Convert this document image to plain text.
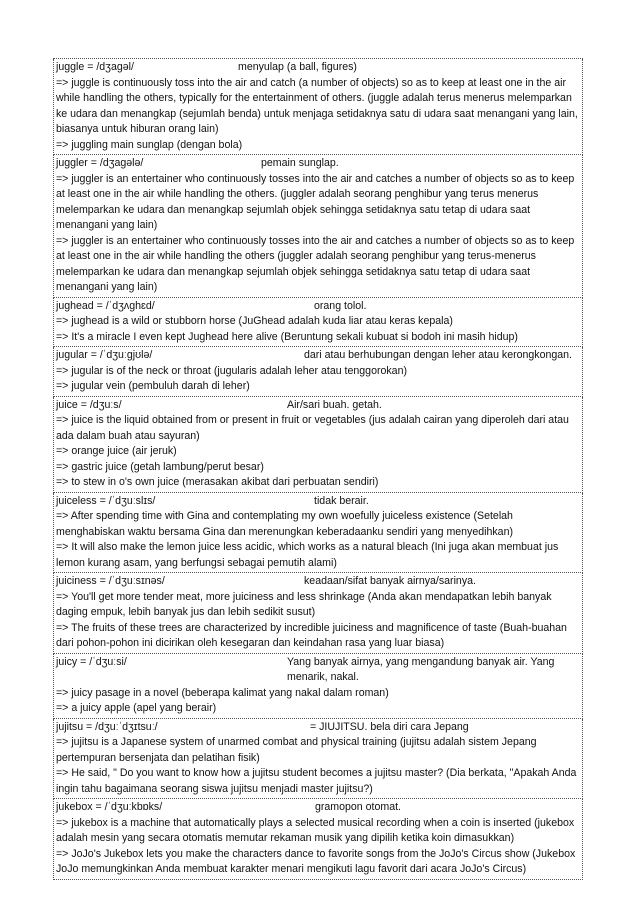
juggle = /dʒagəl/	menyulap (a ball, figures)
=> juggle is continuously toss into the air and catch (a number of objects) so as to keep at least one in the air while handling the others, typically for the entertainment of others. (juggle adalah terus menerus melemparkan ke udara dan menangkap (sejumlah benda) untuk menjaga setidaknya satu di udara saat menangani yang lain, biasanya untuk hiburan orang lain)
=> juggling main sunglap (dengan bola)
juggler = /dʒagələ/	pemain sunglap.
=> juggler is an entertainer who continuously tosses into the air and catches a number of objects so as to keep at least one in the air while handling the others. (juggler adalah seorang penghibur yang terus menerus melemparkan ke udara dan menangkap sejumlah objek sehingga setidaknya satu tetap di udara saat menangani yang lain)
=> juggler is an entertainer who continuously tosses into the air and catches a number of objects so as to keep at least one in the air while handling the others (juggler adalah seorang penghibur yang terus-menerus melemparkan ke udara dan menangkap sejumlah objek sehingga setidaknya satu tetap di udara saat menangani yang lain)
jughead = /ˈdʒʌghɛd/	orang tolol.
=> jughead is a wild or stubborn horse (JuGhead adalah kuda liar atau keras kepala)
=> It's a miracle I even kept Jughead here alive (Beruntung sekali kubuat si bodoh ini masih hidup)
jugular = /ˈdʒuːgjʊlə/	dari atau berhubungan dengan leher atau kerongkongan.
=> jugular is of the neck or throat (jugularis adalah leher atau tenggorokan)
=> jugular vein (pembuluh darah di leher)
juice = /dʒuːs/	Air/sari buah. getah.
=> juice is the liquid obtained from or present in fruit or vegetables (jus adalah cairan yang diperoleh dari atau ada dalam buah atau sayuran)
=> orange juice (air jeruk)
=> gastric juice (getah lambung/perut besar)
=> to stew in o's own juice (merasakan akibat dari perbuatan sendiri)
juiceless = /ˈdʒuːslɪs/	tidak berair.
=> After spending time with Gina and contemplating my own woefully juiceless existence (Setelah menghabiskan waktu bersama Gina dan merenungkan keberadaanku sendiri yang menyedihkan)
=> It will also make the lemon juice less acidic, which works as a natural bleach (Ini juga akan membuat jus lemon kurang asam, yang berfungsi sebagai pemutih alami)
juiciness = /ˈdʒuːsɪnəs/	keadaan/sifat banyak airnya/sarinya.
=> You'll get more tender meat, more juiciness and less shrinkage (Anda akan mendapatkan lebih banyak daging empuk, lebih banyak jus dan lebih sedikit susut)
=> The fruits of these trees are characterized by incredible juiciness and magnificence of taste (Buah-buahan dari pohon-pohon ini dicirikan oleh kesegaran dan keindahan rasa yang luar biasa)
juicy = /ˈdʒuːsi/	Yang banyak airnya, yang mengandung banyak air. Yang menarik, nakal.
=> juicy pasage in a novel (beberapa kalimat yang nakal dalam roman)
=> a juicy apple (apel yang berair)
jujitsu = /dʒuːˈdʒɪtsuː/	= JIUJITSU. bela diri cara Jepang
=> jujitsu is a Japanese system of unarmed combat and physical training (jujitsu adalah sistem Jepang pertempuran bersenjata dan pelatihan fisik)
=> He said, " Do you want to know how a jujitsu student becomes a jujitsu master? (Dia berkata, "Apakah Anda ingin tahu bagaimana seorang siswa jujitsu menjadi master jujitsu?)
jukebox = /ˈdʒuːkbɒks/	gramopon otomat.
=> jukebox is a machine that automatically plays a selected musical recording when a coin is inserted (jukebox adalah mesin yang secara otomatis memutar rekaman musik yang dipilih ketika koin dimasukkan)
=> JoJo's Jukebox lets you make the characters dance to favorite songs from the JoJo's Circus show (Jukebox JoJo memungkinkan Anda membuat karakter menari mengikuti lagu favorit dari acara JoJo's Circus)
